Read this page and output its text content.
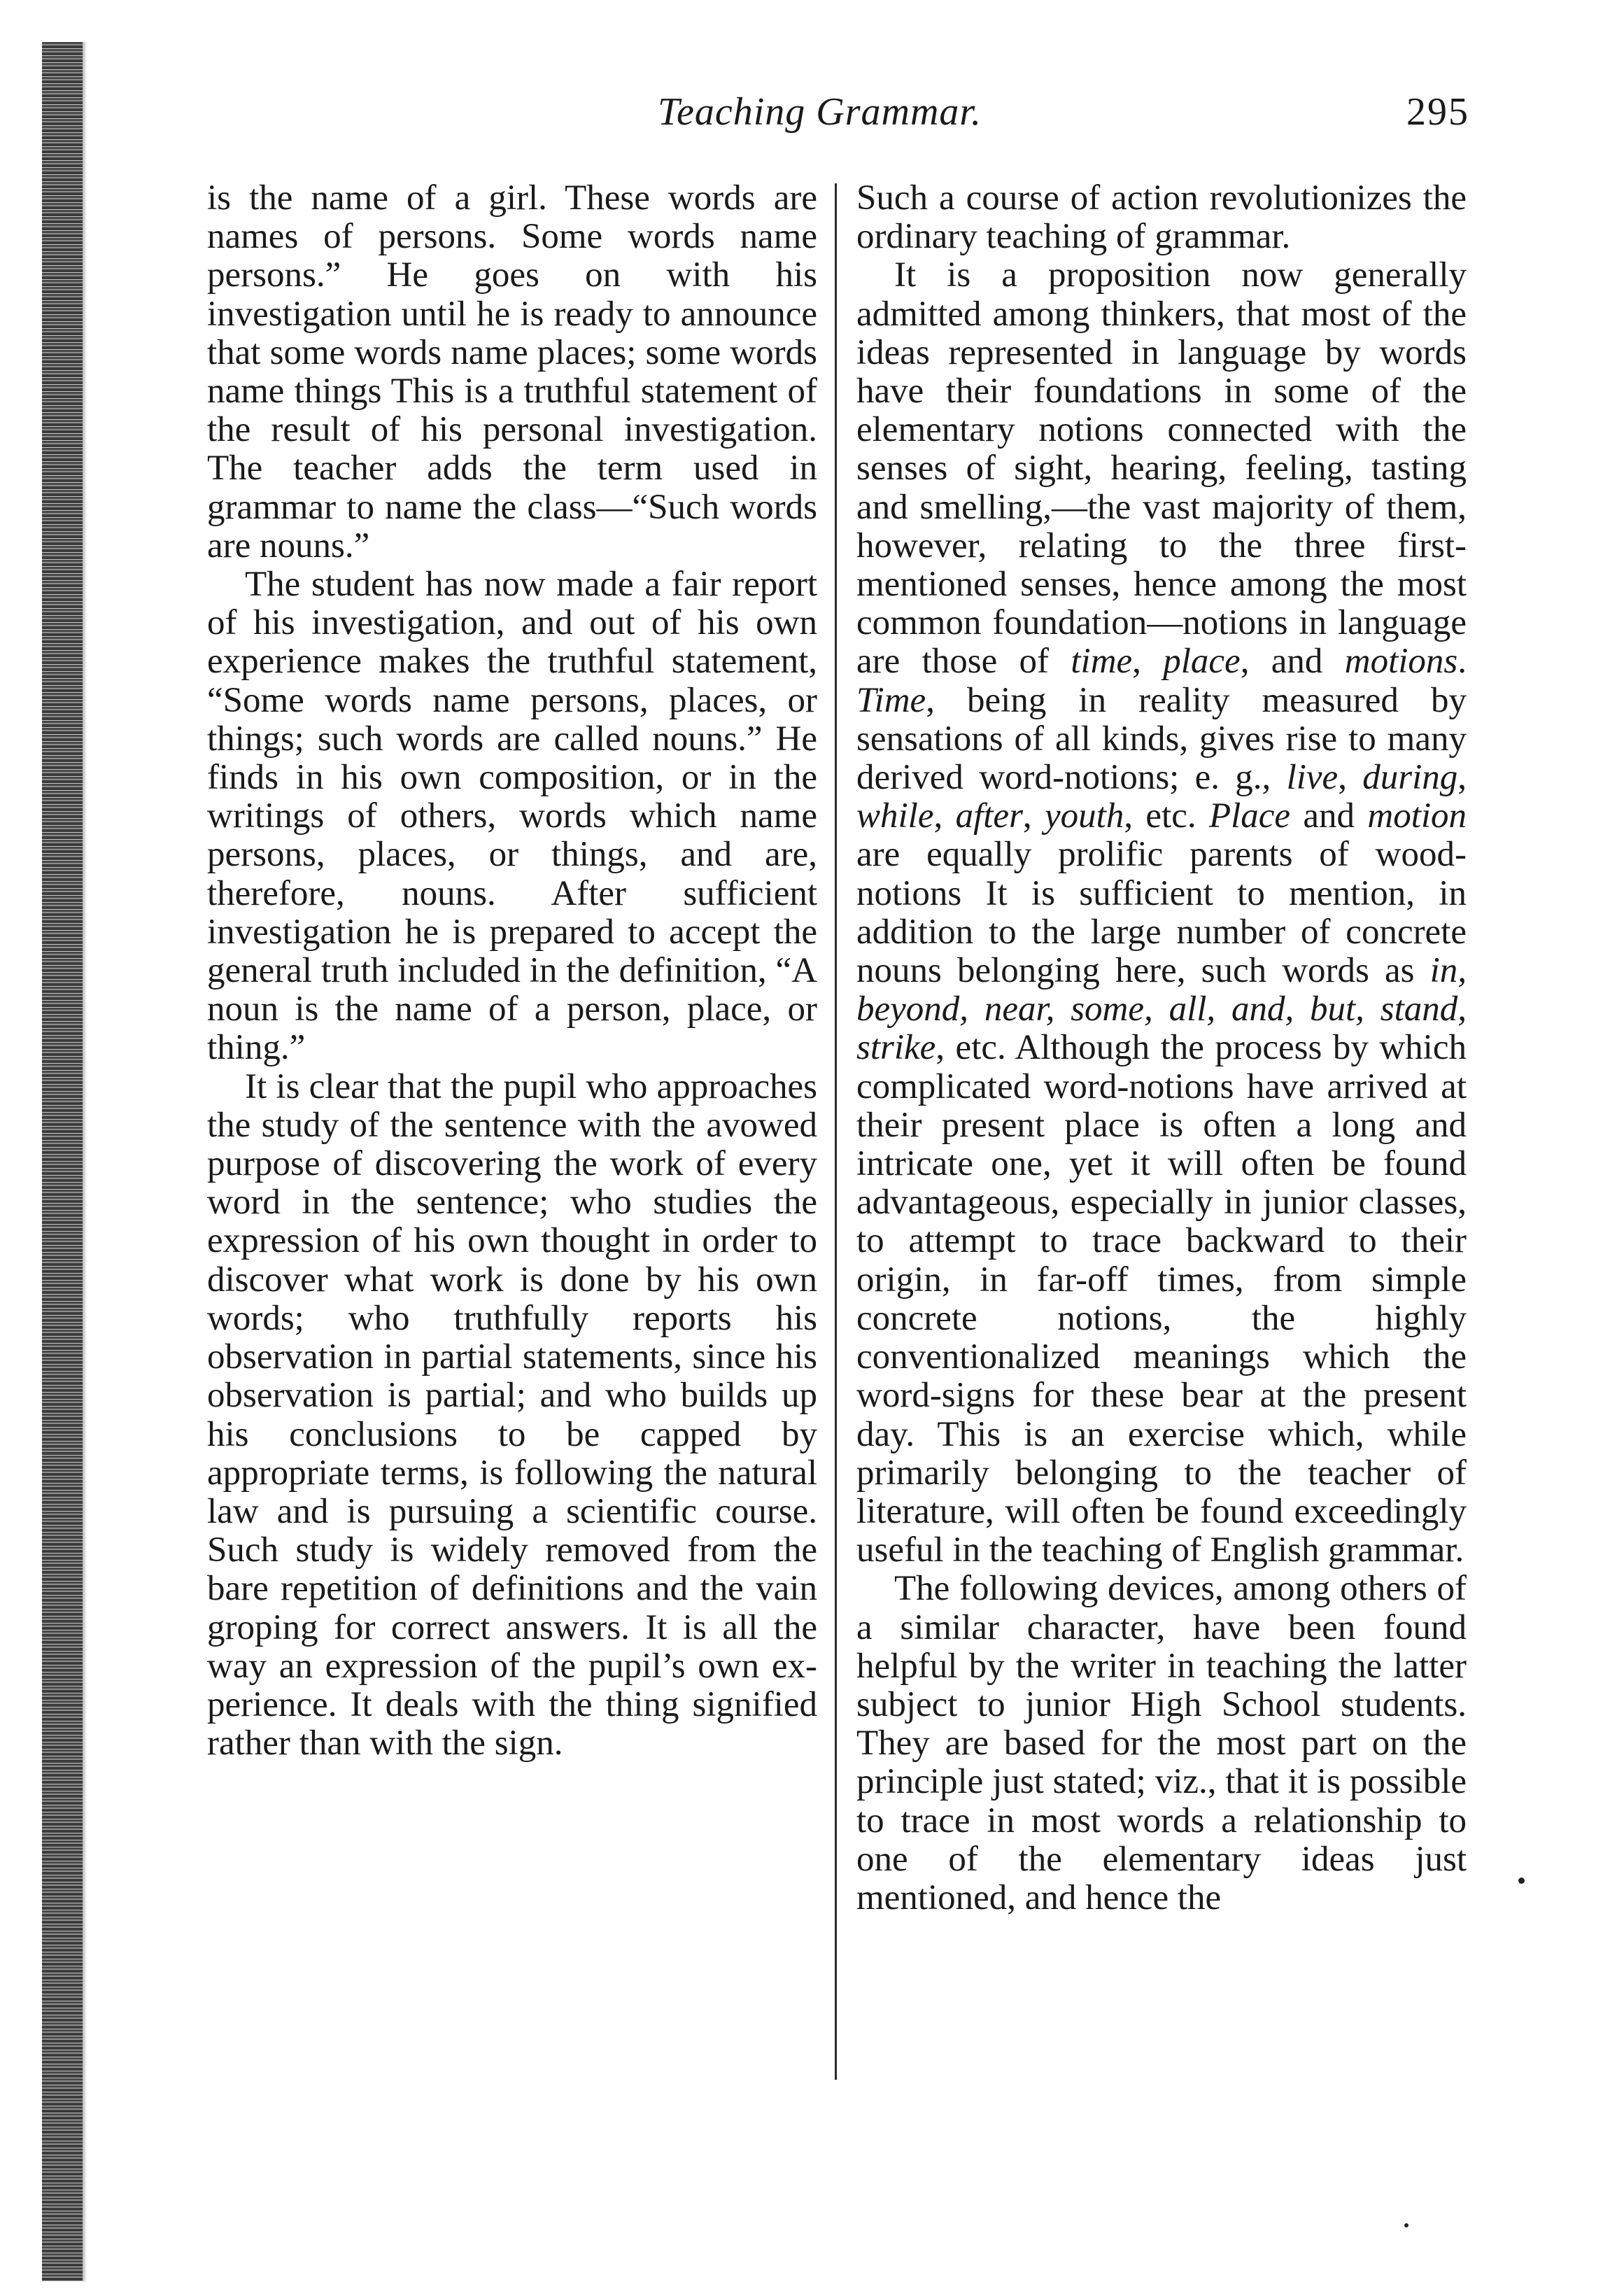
Teaching Grammar.	295

is the name of a girl. These words are names of persons. Some words name persons.” He goes on with his investigation until he is ready to announce that some words name places; some words name things This is a truthful statement of the result of his personal investigation. The teacher adds the term used in grammar to name the class—“Such words are nouns.”

The student has now made a fair report of his investigation, and out of his own experience makes the truthful statement, “Some words name persons, places, or things; such words are called nouns.” He finds in his own composition, or in the writings of others, words which name persons, places, or things, and are, therefore, nouns. After sufficient investigation he is prepared to accept the general truth included in the definition, “A noun is the name of a person, place, or thing.”

It is clear that the pupil who approaches the study of the sentence with the avowed purpose of discovering the work of every word in the sentence; who studies the expression of his own thought in order to discover what work is done by his own words; who truthfully reports his observation in partial statements, since his observation is partial; and who builds up his conclusions to be capped by appropriate terms, is following the natural law and is pursuing a scientific course. Such study is widely removed from the bare repetition of definitions and the vain groping for correct answers. It is all the way an expression of the pupil’s own experience. It deals with the thing signified rather than with the sign.

Such a course of action revolutionizes the ordinary teaching of grammar.

It is a proposition now generally admitted among thinkers, that most of the ideas represented in language by words have their foundations in some of the elementary notions connected with the senses of sight, hearing, feeling, tasting and smelling,—the vast majority of them, however, relating to the three first-mentioned senses, hence among the most common foundation—notions in language are those of time, place, and motions. Time, being in reality measured by sensations of all kinds, gives rise to many derived word-notions; e. g., live, during, while, after, youth, etc. Place and motion are equally prolific parents of wood-notions It is sufficient to mention, in addition to the large number of concrete nouns belonging here, such words as in, beyond, near, some, all, and, but, stand, strike, etc. Although the process by which complicated word-notions have arrived at their present place is often a long and intricate one, yet it will often be found advantageous, especially in junior classes, to attempt to trace backward to their origin, in far-off times, from simple concrete notions, the highly conventionalized meanings which the word-signs for these bear at the present day. This is an exercise which, while primarily belonging to the teacher of literature, will often be found exceedingly useful in the teaching of English grammar.

The following devices, among others of a similar character, have been found helpful by the writer in teaching the latter subject to junior High School students. They are based for the most part on the principle just stated; viz., that it is possible to trace in most words a relationship to one of the elementary ideas just mentioned, and hence the
